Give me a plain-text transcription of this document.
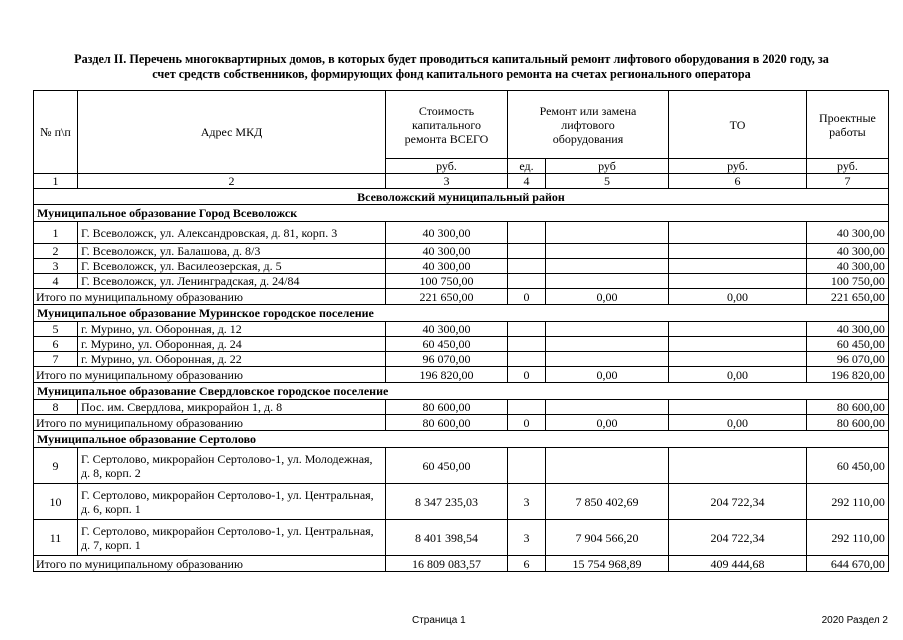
Раздел II. Перечень многоквартирных домов, в которых будет проводиться капитальный ремонт лифтового оборудования в 2020 году, за
счет средств собственников, формирующих фонд капитального ремонта на счетах регионального оператора
№ п\п	Адрес МКД	Стоимость капитального ремонта ВСЕГО	Ремонт или замена лифтового оборудования		ТО	Проектные работы
		руб.	ед.	руб	руб.	руб.
1	2	3	4	5	6	7
Всеволожский муниципальный район						
Муниципальное образование Город Всеволожск						
1	Г. Всеволожск, ул. Александровская, д. 81, корп. 3	40 300,00				40 300,00
2	Г. Всеволожск, ул. Балашова, д. 8/3	40 300,00				40 300,00
3	Г. Всеволожск, ул. Василеозерская, д. 5	40 300,00				40 300,00
4	Г. Всеволожск, ул. Ленинградская, д. 24/84	100 750,00				100 750,00
Итого по муниципальному образованию		221 650,00	0	0,00	0,00	221 650,00
Муниципальное образование Муринское городское поселение						
5	г. Мурино, ул. Оборонная, д. 12	40 300,00				40 300,00
6	г. Мурино, ул. Оборонная, д. 24	60 450,00				60 450,00
7	г. Мурино, ул. Оборонная, д. 22	96 070,00				96 070,00
Итого по муниципальному образованию		196 820,00	0	0,00	0,00	196 820,00
Муниципальное образование Свердловское городское поселение						
8	Пос. им. Свердлова, микрорайон 1, д. 8	80 600,00				80 600,00
Итого по муниципальному образованию		80 600,00	0	0,00	0,00	80 600,00
Муниципальное образование Сертолово						
9	Г. Сертолово, микрорайон Сертолово-1, ул. Молодежная, д. 8, корп. 2	60 450,00				60 450,00
10	Г. Сертолово, микрорайон Сертолово-1, ул. Центральная, д. 6, корп. 1	8 347 235,03	3	7 850 402,69	204 722,34	292 110,00
11	Г. Сертолово, микрорайон Сертолово-1, ул. Центральная, д. 7, корп. 1	8 401 398,54	3	7 904 566,20	204 722,34	292 110,00
Итого по муниципальному образованию		16 809 083,57	6	15 754 968,89	409 444,68	644 670,00
Страница 1	2020 Раздел 2
